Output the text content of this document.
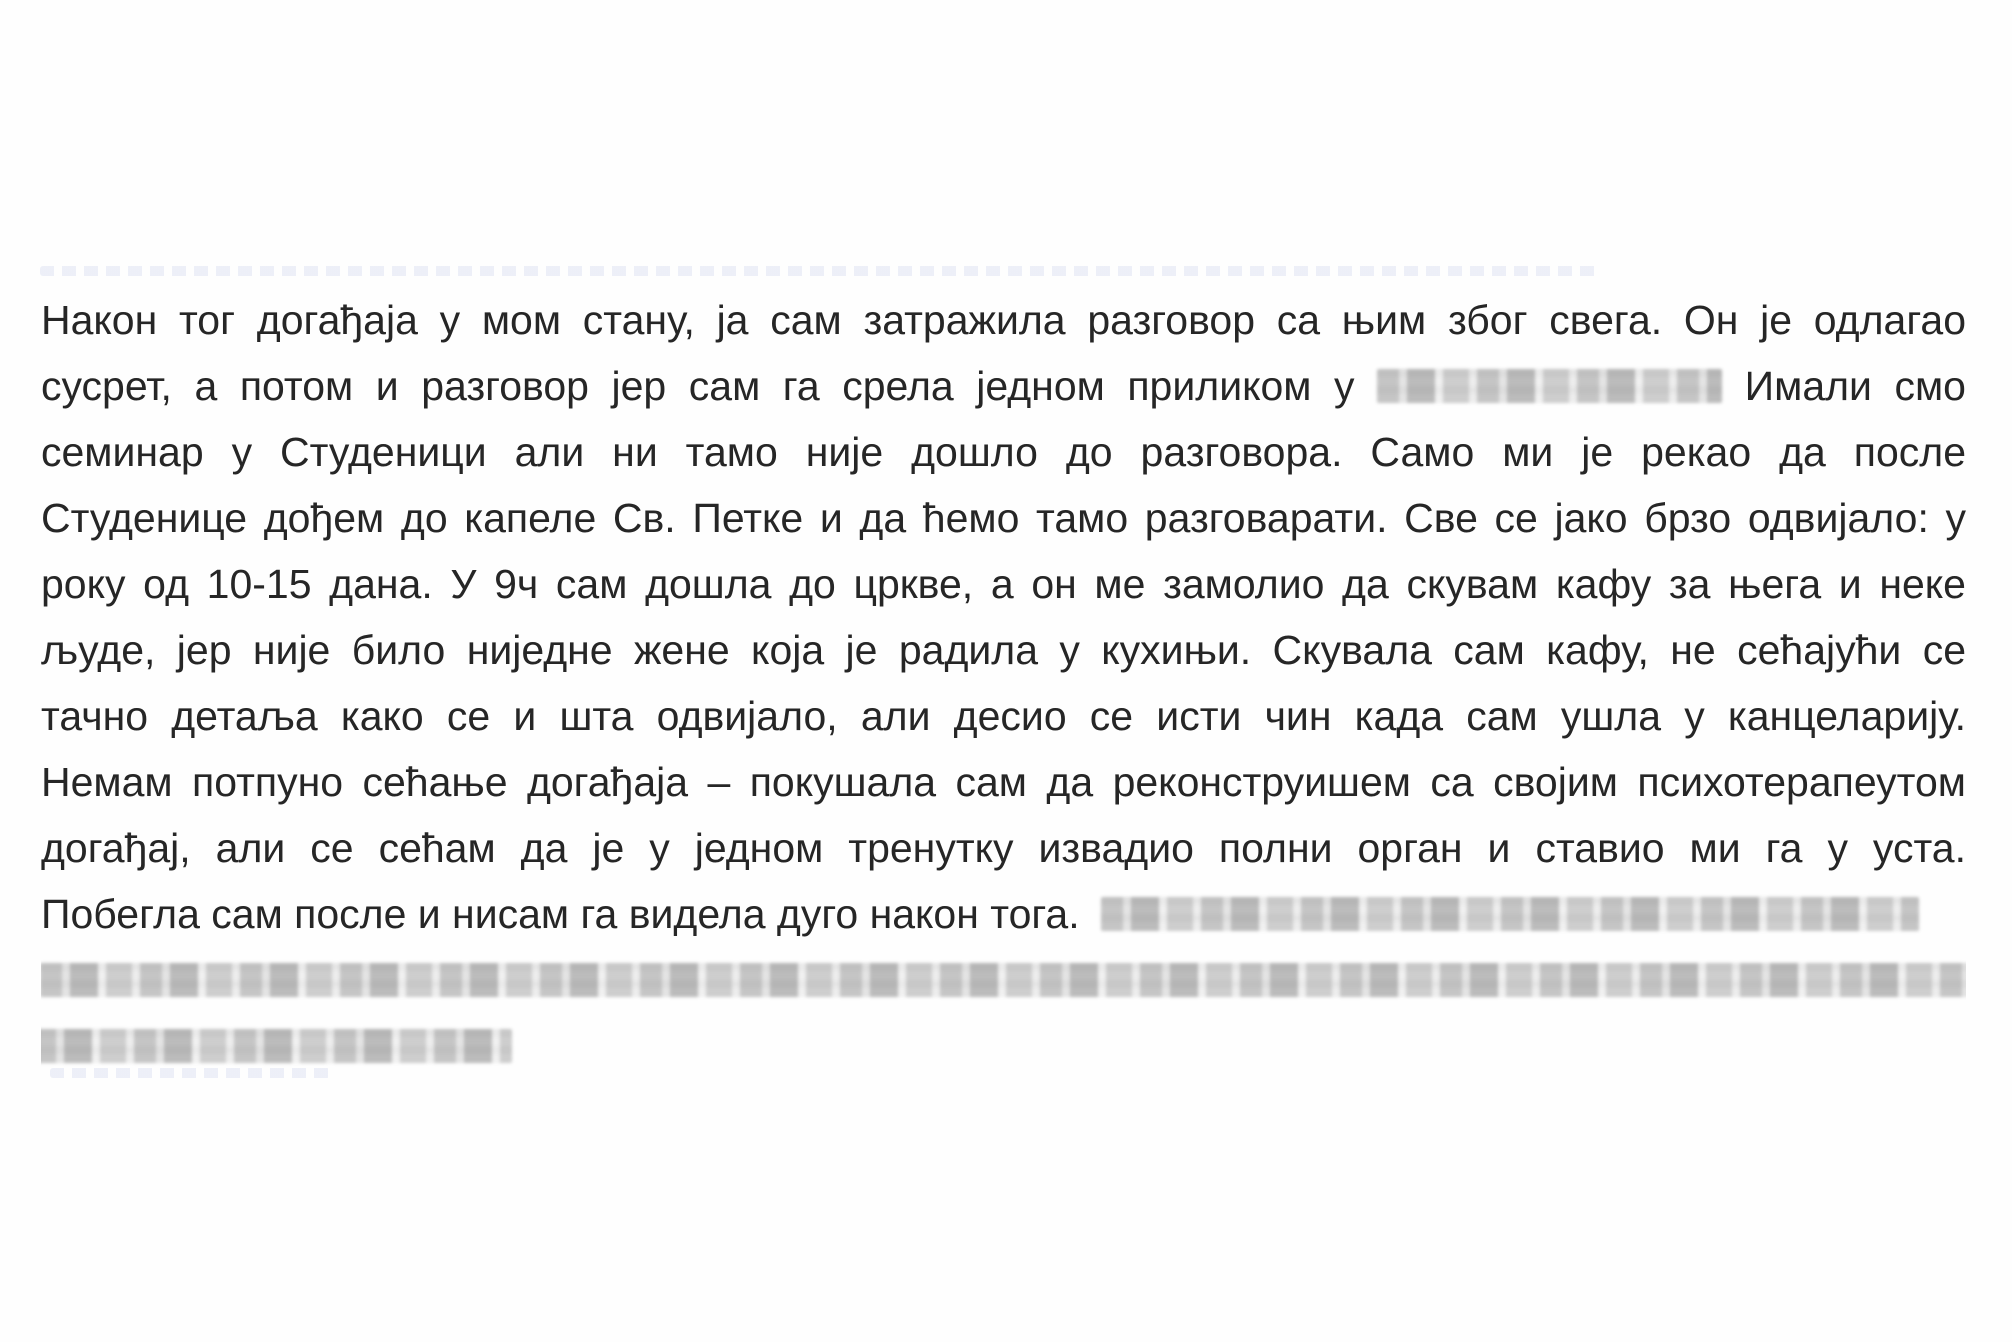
Након тог догађаја у мом стану, ја сам затражила разговор са њим због свега. Он је одлагао
сусрет, а потом и разговор јер сам га срела једном приликом у	Имали смо
семинар у Студеници али ни тамо није дошло до разговора. Само ми је рекао да после
Студенице дођем до капеле Св. Петке и да ћемо тамо разговарати. Све се јако брзо одвијало: у
року од 10-15 дана. У 9ч сам дошла до цркве, а он ме замолио да скувам кафу за њега и неке
људе, јер није било ниједне жене која је радила у кухињи. Скувала сам кафу, не сећајући се
тачно детаља како се и шта одвијало, али десио се исти чин када сам ушла у канцеларију.
Немам потпуно сећање догађаја – покушала сам да реконструишем са својим психотерапеутом
догађај, али се сећам да је у једном тренутку извадио полни орган и ставио ми га у уста.
Побегла сам после и нисам га видела дуго након тога.
